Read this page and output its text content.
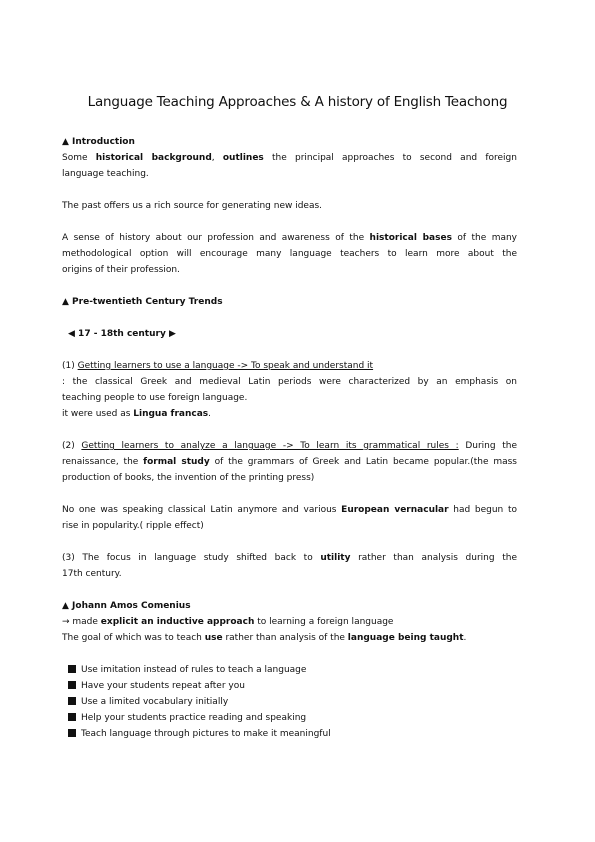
Language Teaching Approaches & A history of English Teachong
▲ Introduction
Some historical background, outlines the principal approaches to second and foreign
language teaching.
The past offers us a rich source for generating new ideas.
A sense of history about our profession and awareness of the historical bases of the many
methodological option will encourage many language teachers to learn more about the
origins of their profession.
▲ Pre-twentieth Century Trends
◀ 17 - 18th century ▶
(1) Getting learners to use a language -> To speak and understand it
: the classical Greek and medieval Latin periods were characterized by an emphasis on
teaching people to use foreign language.
it were used as Lingua francas.
(2) Getting learners to analyze a language -> To learn its grammatical rules : During the
renaissance, the formal study of the grammars of Greek and Latin became popular.(the mass
production of books, the invention of the printing press)
No one was speaking classical Latin anymore and various European vernacular had begun to
rise in popularity.( ripple effect)
(3) The focus in language study shifted back to utility rather than analysis during the
17th century.
▲ Johann Amos Comenius
→ made explicit an inductive approach to learning a foreign language
The goal of which was to teach use rather than analysis of the language being taught.
Use imitation instead of rules to teach a language
Have your students repeat after you
Use a limited vocabulary initially
Help your students practice reading and speaking
Teach language through pictures to make it meaningful
